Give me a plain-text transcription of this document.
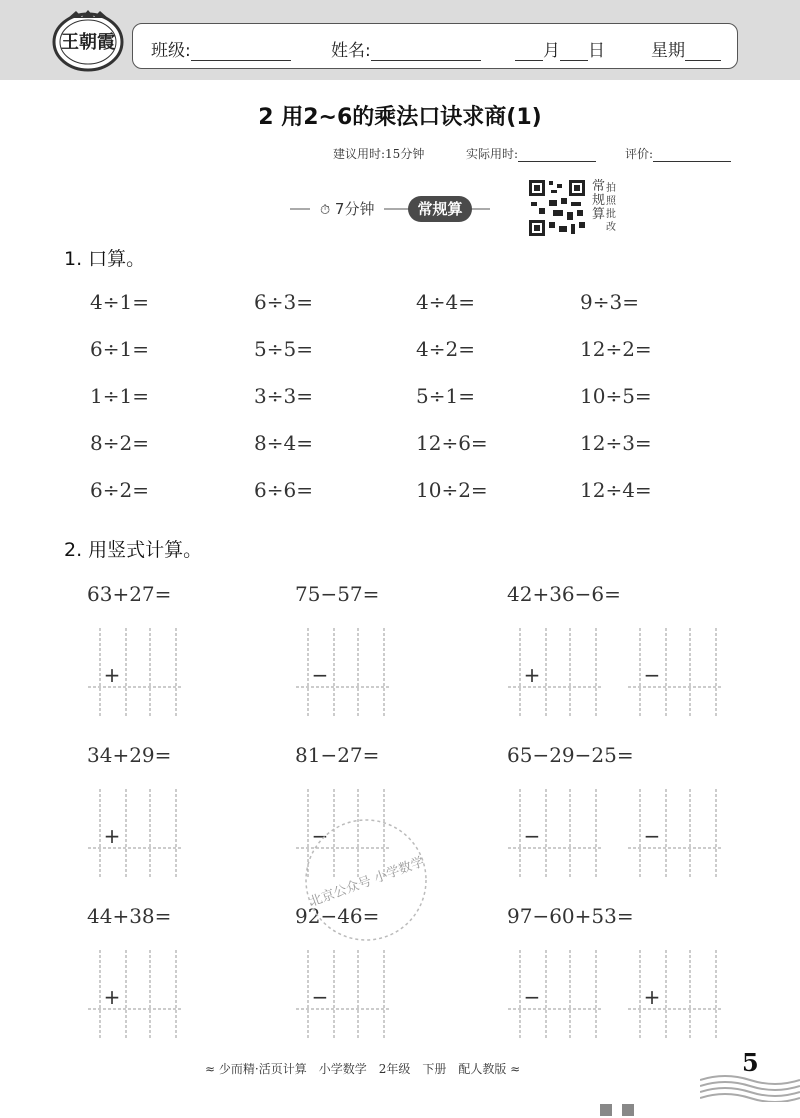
王朝霞	班级:	姓名:	月 日	星期
2 用2~6的乘法口诀求商(1)
建议用时:15分钟	实际用时:	评价:
⏱ 7分钟	常规算
常规算
拍照批改
1. 口算。
4÷1=	6÷3=	4÷4=	9÷3=
6÷1=	5÷5=	4÷2=	12÷2=
1÷1=	3÷3=	5÷1=	10÷5=
8÷2=	8÷4=	12÷6=	12÷3=
6÷2=	6÷6=	10÷2=	12÷4=
2. 用竖式计算。
63+27=	75−57=	42+36−6=
34+29=	81−27=	65−29−25=
44+38=	92−46=	97−60+53=
+	−	+	−
+	−	−	−
+	−	−	+
北京公众号 小学数学
≈ 少而精·活页计算　小学数学　2年级　下册　配人教版 ≈	5
